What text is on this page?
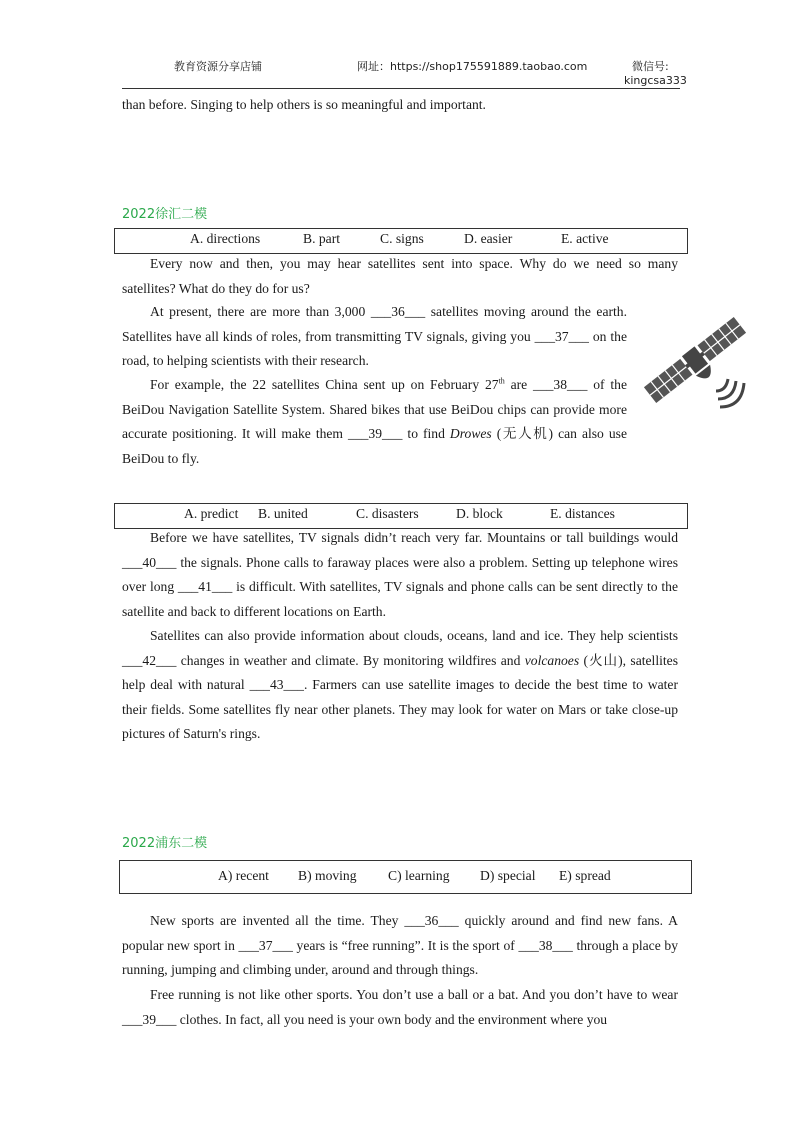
教育资源分享店铺	网址：https://shop175591889.taobao.com	微信号:
kingcsa333
than before. Singing to help others is so meaningful and important.
2022徐汇二模
A. directions	B. part	C. signs	D. easier	E. active
Every now and then, you may hear satellites sent into space. Why do we need so many satellites? What do they do for us?
At present, there are more than 3,000 ___36___ satellites moving around the earth. Satellites have all kinds of roles, from transmitting TV signals, giving you ___37___ on the road, to helping scientists with their research.
For example, the 22 satellites China sent up on February 27th are ___38___ of the BeiDou Navigation Satellite System. Shared bikes that use BeiDou chips can provide more accurate positioning. It will make them ___39___ to find Drowes (无人机) can also use BeiDou to fly.
A. predict B. united	C. disasters	D. block	E. distances
Before we have satellites, TV signals didn’t reach very far. Mountains or tall buildings would ___40___ the signals. Phone calls to faraway places were also a problem. Setting up telephone wires over long ___41___ is difficult. With satellites, TV signals and phone calls can be sent directly to the satellite and back to different locations on Earth.
Satellites can also provide information about clouds, oceans, land and ice. They help scientists ___42___ changes in weather and climate. By monitoring wildfires and volcanoes (火山), satellites help deal with natural ___43___. Farmers can use satellite images to decide the best time to water their fields. Some satellites fly near other planets. They may look for water on Mars or take close-up pictures of Saturn's rings.
2022浦东二模
A) recent B) moving C) learning D) special E) spread
New sports are invented all the time. They ___36___ quickly around and find new fans. A popular new sport in ___37___ years is “free running”. It is the sport of ___38___ through a place by running, jumping and climbing under, around and through things.
Free running is not like other sports. You don’t use a ball or a bat. And you don’t have to wear ___39___ clothes. In fact, all you need is your own body and the environment where you
